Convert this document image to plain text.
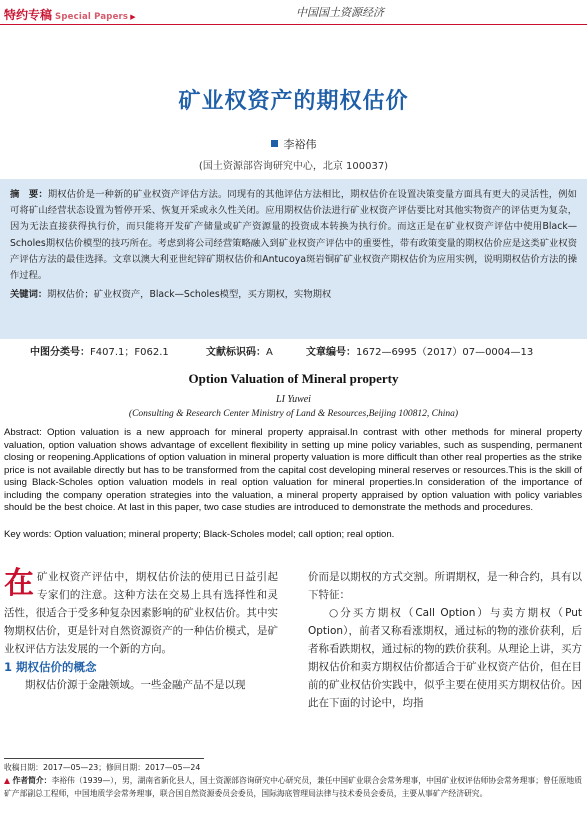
特约专稿 Special Papers ▶	中国国土资源经济
矿业权资产的期权估价
李裕伟
(国土资源部咨询研究中心，北京 100037)

摘　要：期权估价是一种新的矿业权资产评估方法。同现有的其他评估方法相比，期权估价在设置决策变量方面具有更大的灵活性，例如可将矿山经营状态设置为暂停开采、恢复开采或永久性关闭。应用期权估价法进行矿业权资产评估要比对其他实物资产的评估更为复杂，因为无法直接获得执行价，而只能将开发矿产储量或矿产资源量的投资成本转换为执行价。而这正是在矿业权资产评估中使用Black—Scholes期权估价模型的技巧所在。考虑到将公司经营策略融入到矿业权资产评估中的重要性，带有政策变量的期权估价应是这类矿业权资产评估方法的最佳选择。文章以澳大利亚世纪锌矿期权估价和Antucoya斑岩铜矿矿业权资产期权估价为应用实例，说明期权估价方法的操作过程。

关键词：期权估价；矿业权资产，Black—Scholes模型，买方期权，实物期权

中图分类号：F407.1；F062.1	文献标识码：A	文章编号：1672—6995（2017）07—0004—13
Option Valuation of Mineral property
LI Yuwei
(Consulting & Research Center Ministry of Land & Resources,Beijing 100812, China)

Abstract: Option valuation is a new approach for mineral property appraisal.In contrast with other methods for mineral property valuation, option valuation shows advantage of excellent flexibility in setting up mine policy variables, such as suspending, permanent closing or reopening.Applications of option valuation in mineral property valuation is more difficult than other real properties as the strike price is not available directly but has to be transformed from the capital cost developing mineral reserves or resources.This is the skill of using Black-Scholes option valuation models in real option valuation for mineral properties.In consideration of the importance of including the company operation strategies into the valuation, a mineral property appraised by option valuation with policy variables should be the best choice. At last in this paper, two case studies are introduced to demonstrate the methods and procedures.

Key words: Option valuation; mineral property; Black-Scholes model; call option; real option.

在矿业权资产评估中，期权估价法的使用已日益引起专家们的注意。这种方法在交易上具有选择性和灵活性，很适合于受多种复杂因素影响的矿业权估价。其中实物期权估价，更是针对自然资源资产的一种估价模式，是矿业权评估方法发展的一个新的方向。

1 期权估价的概念

期权估价源于金融领域。一些金融产品不是以现

价而是以期权的方式交割。所谓期权，是一种合约，具有以下特征：

○分买方期权（Call Option）与卖方期权（Put Option），前者又称看涨期权，通过标的物的涨价获利，后者称看跌期权，通过标的物的跌价获利。从理论上讲，买方期权估价和卖方期权估价都适合于矿业权资产估价，但在目前的矿业权估价实践中，似乎主要在使用买方期权估价。因此在下面的讨论中，均指

收稿日期：2017—05—23；修回日期：2017—05—24

▲ 作者简介：李裕伟（1939—），男，湖南省新化县人，国土资源部咨询研究中心研究员，兼任中国矿业联合会常务理事，中国矿业权评估师协会常务理事；曾任原地质矿产部副总工程师，中国地质学会常务理事，联合国自然资源委员会委员，国际海底管理局法律与技术委员会委员，主要从事矿产经济研究。
